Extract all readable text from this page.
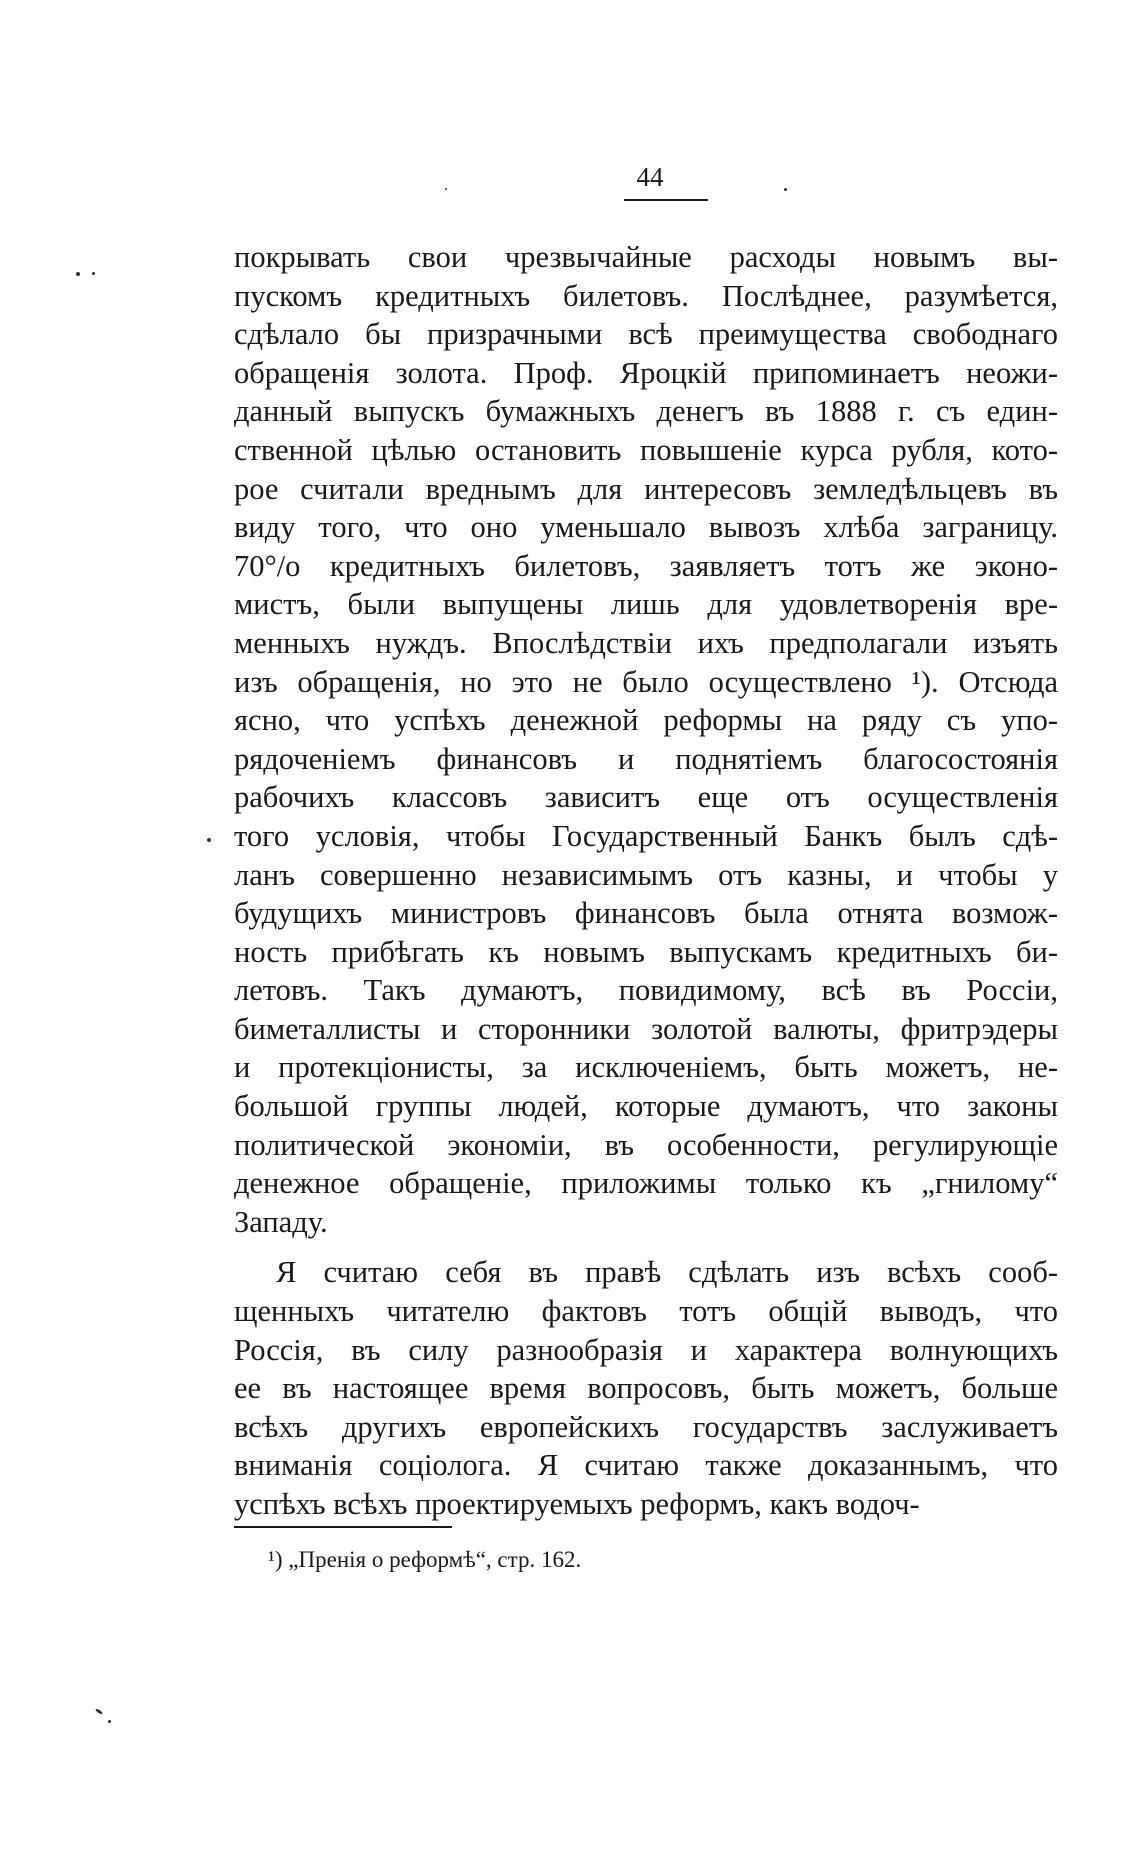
44
покрывать свои чрезвычайные расходы новымъ вы-
пускомъ кредитныхъ билетовъ. Послѣднее, разумѣется,
сдѣлало бы призрачными всѣ преимущества свободнаго
обращенія золота. Проф. Яроцкій припоминаетъ неожи-
данный выпускъ бумажныхъ денегъ въ 1888 г. съ един-
ственной цѣлью остановить повышеніе курса рубля, кото-
рое считали вреднымъ для интересовъ земледѣльцевъ въ
виду того, что оно уменьшало вывозъ хлѣба заграницу.
70°/o кредитныхъ билетовъ, заявляетъ тотъ же эконо-
мистъ, были выпущены лишь для удовлетворенія вре-
менныхъ нуждъ. Впослѣдствіи ихъ предполагали изъять
изъ обращенія, но это не было осуществлено ¹). Отсюда
ясно, что успѣхъ денежной реформы на ряду съ упо-
рядоченіемъ финансовъ и поднятіемъ благосостоянія
рабочихъ классовъ зависитъ еще отъ осуществленія
того условія, чтобы Государственный Банкъ былъ сдѣ-
ланъ совершенно независимымъ отъ казны, и чтобы у
будущихъ министровъ финансовъ была отнята возмож-
ность прибѣгать къ новымъ выпускамъ кредитныхъ би-
летовъ. Такъ думаютъ, повидимому, всѣ въ Россіи,
биметаллисты и сторонники золотой валюты, фритрэдеры
и протекціонисты, за исключеніемъ, быть можетъ, не-
большой группы людей, которые думаютъ, что законы
политической экономіи, въ особенности, регулирующіе
денежное обращеніе, приложимы только къ „гнилому“
Западу.
Я считаю себя въ правѣ сдѣлать изъ всѣхъ сооб-
щенныхъ читателю фактовъ тотъ общій выводъ, что
Россія, въ силу разнообразія и характера волнующихъ
ее въ настоящее время вопросовъ, быть можетъ, больше
всѣхъ другихъ европейскихъ государствъ заслуживаетъ
вниманія соціолога. Я считаю также доказаннымъ, что
успѣхъ всѣхъ проектируемыхъ реформъ, какъ водоч-
¹) „Пренія о реформѣ“, стр. 162.
